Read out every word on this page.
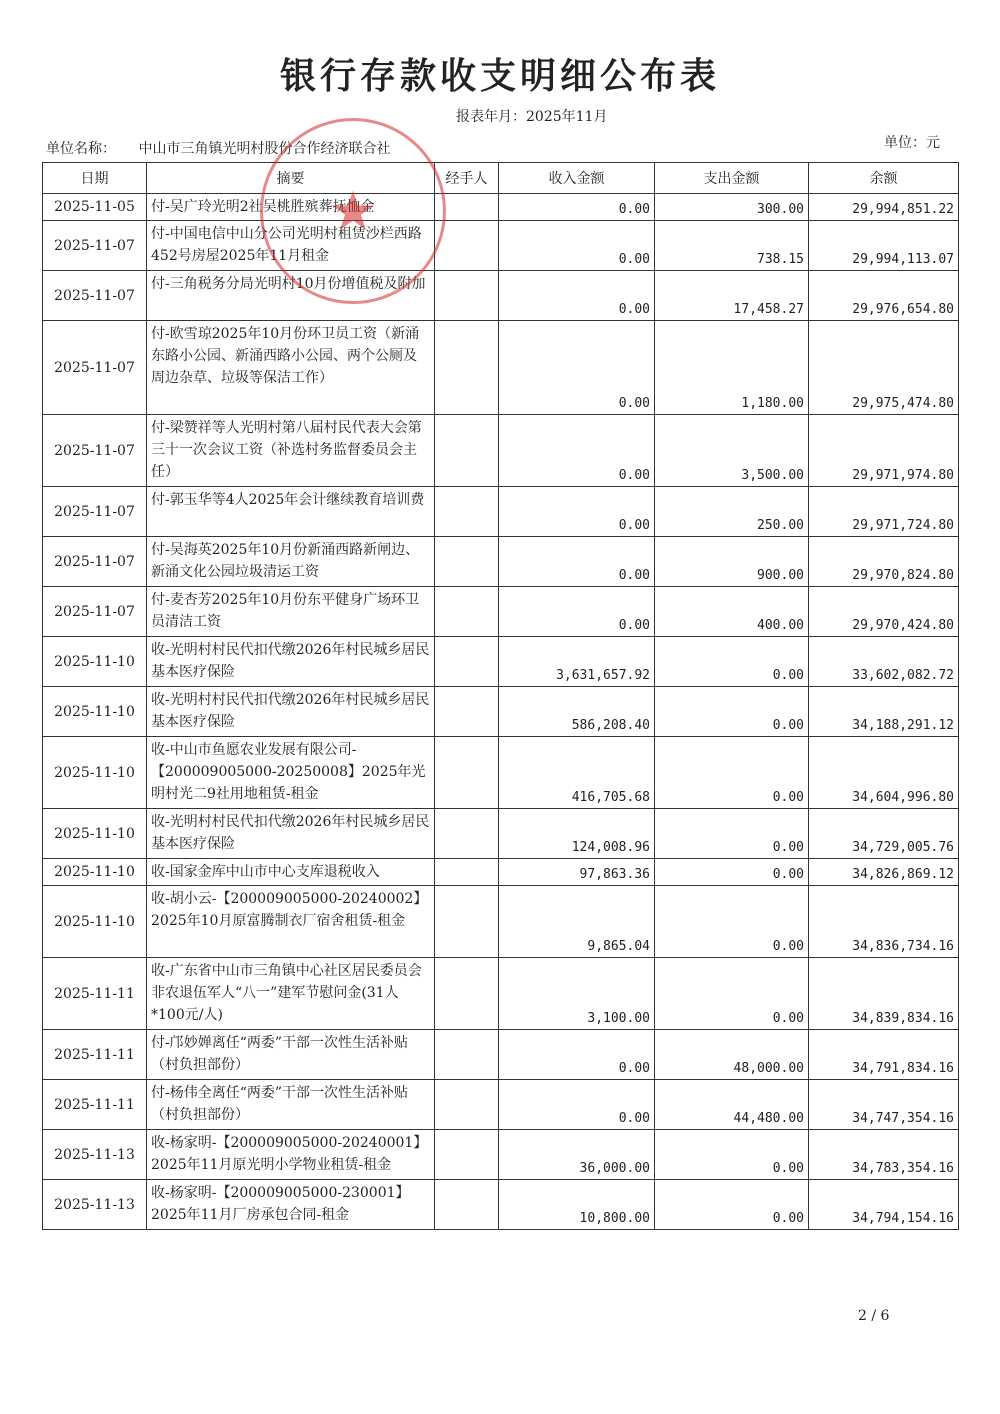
银行存款收支明细公布表
报表年月：2025年11月
单位名称： 中山市三角镇光明村股份合作经济联合社	单位：元
日期	摘要	经手人	收入金额	支出金额	余额
2025-11-05	付-吴广玲光明2社吴桃胜殡葬抚恤金		0.00	300.00	29,994,851.22
2025-11-07	付-中国电信中山分公司光明村租赁沙栏西路452号房屋2025年11月租金		0.00	738.15	29,994,113.07
2025-11-07	付-三角税务分局光明村10月份增值税及附加		0.00	17,458.27	29,976,654.80
2025-11-07	付-欧雪琼2025年10月份环卫员工资（新涌东路小公园、新涌西路小公园、两个公厕及周边杂草、垃圾等保洁工作）		0.00	1,180.00	29,975,474.80
2025-11-07	付-梁赞祥等人光明村第八届村民代表大会第三十一次会议工资（补选村务监督委员会主任）		0.00	3,500.00	29,971,974.80
2025-11-07	付-郭玉华等4人2025年会计继续教育培训费		0.00	250.00	29,971,724.80
2025-11-07	付-吴海英2025年10月份新涌西路新闸边、新涌文化公园垃圾清运工资		0.00	900.00	29,970,824.80
2025-11-07	付-麦杏芳2025年10月份东平健身广场环卫员清洁工资		0.00	400.00	29,970,424.80
2025-11-10	收-光明村村民代扣代缴2026年村民城乡居民基本医疗保险		3,631,657.92	0.00	33,602,082.72
2025-11-10	收-光明村村民代扣代缴2026年村民城乡居民基本医疗保险		586,208.40	0.00	34,188,291.12
2025-11-10	收-中山市鱼愿农业发展有限公司-【200009005000-20250008】2025年光明村光二9社用地租赁-租金		416,705.68	0.00	34,604,996.80
2025-11-10	收-光明村村民代扣代缴2026年村民城乡居民基本医疗保险		124,008.96	0.00	34,729,005.76
2025-11-10	收-国家金库中山市中心支库退税收入		97,863.36	0.00	34,826,869.12
2025-11-10	收-胡小云-【200009005000-20240002】2025年10月原富腾制衣厂宿舍租赁-租金		9,865.04	0.00	34,836,734.16
2025-11-11	收-广东省中山市三角镇中心社区居民委员会非农退伍军人“八一”建军节慰问金(31人*100元/人)		3,100.00	0.00	34,839,834.16
2025-11-11	付-邝妙婵离任“两委”干部一次性生活补贴（村负担部份）		0.00	48,000.00	34,791,834.16
2025-11-11	付-杨伟全离任“两委”干部一次性生活补贴（村负担部份）		0.00	44,480.00	34,747,354.16
2025-11-13	收-杨家明-【200009005000-20240001】2025年11月原光明小学物业租赁-租金		36,000.00	0.00	34,783,354.16
2025-11-13	收-杨家明-【200009005000-230001】2025年11月厂房承包合同-租金		10,800.00	0.00	34,794,154.16
★
2 / 6
